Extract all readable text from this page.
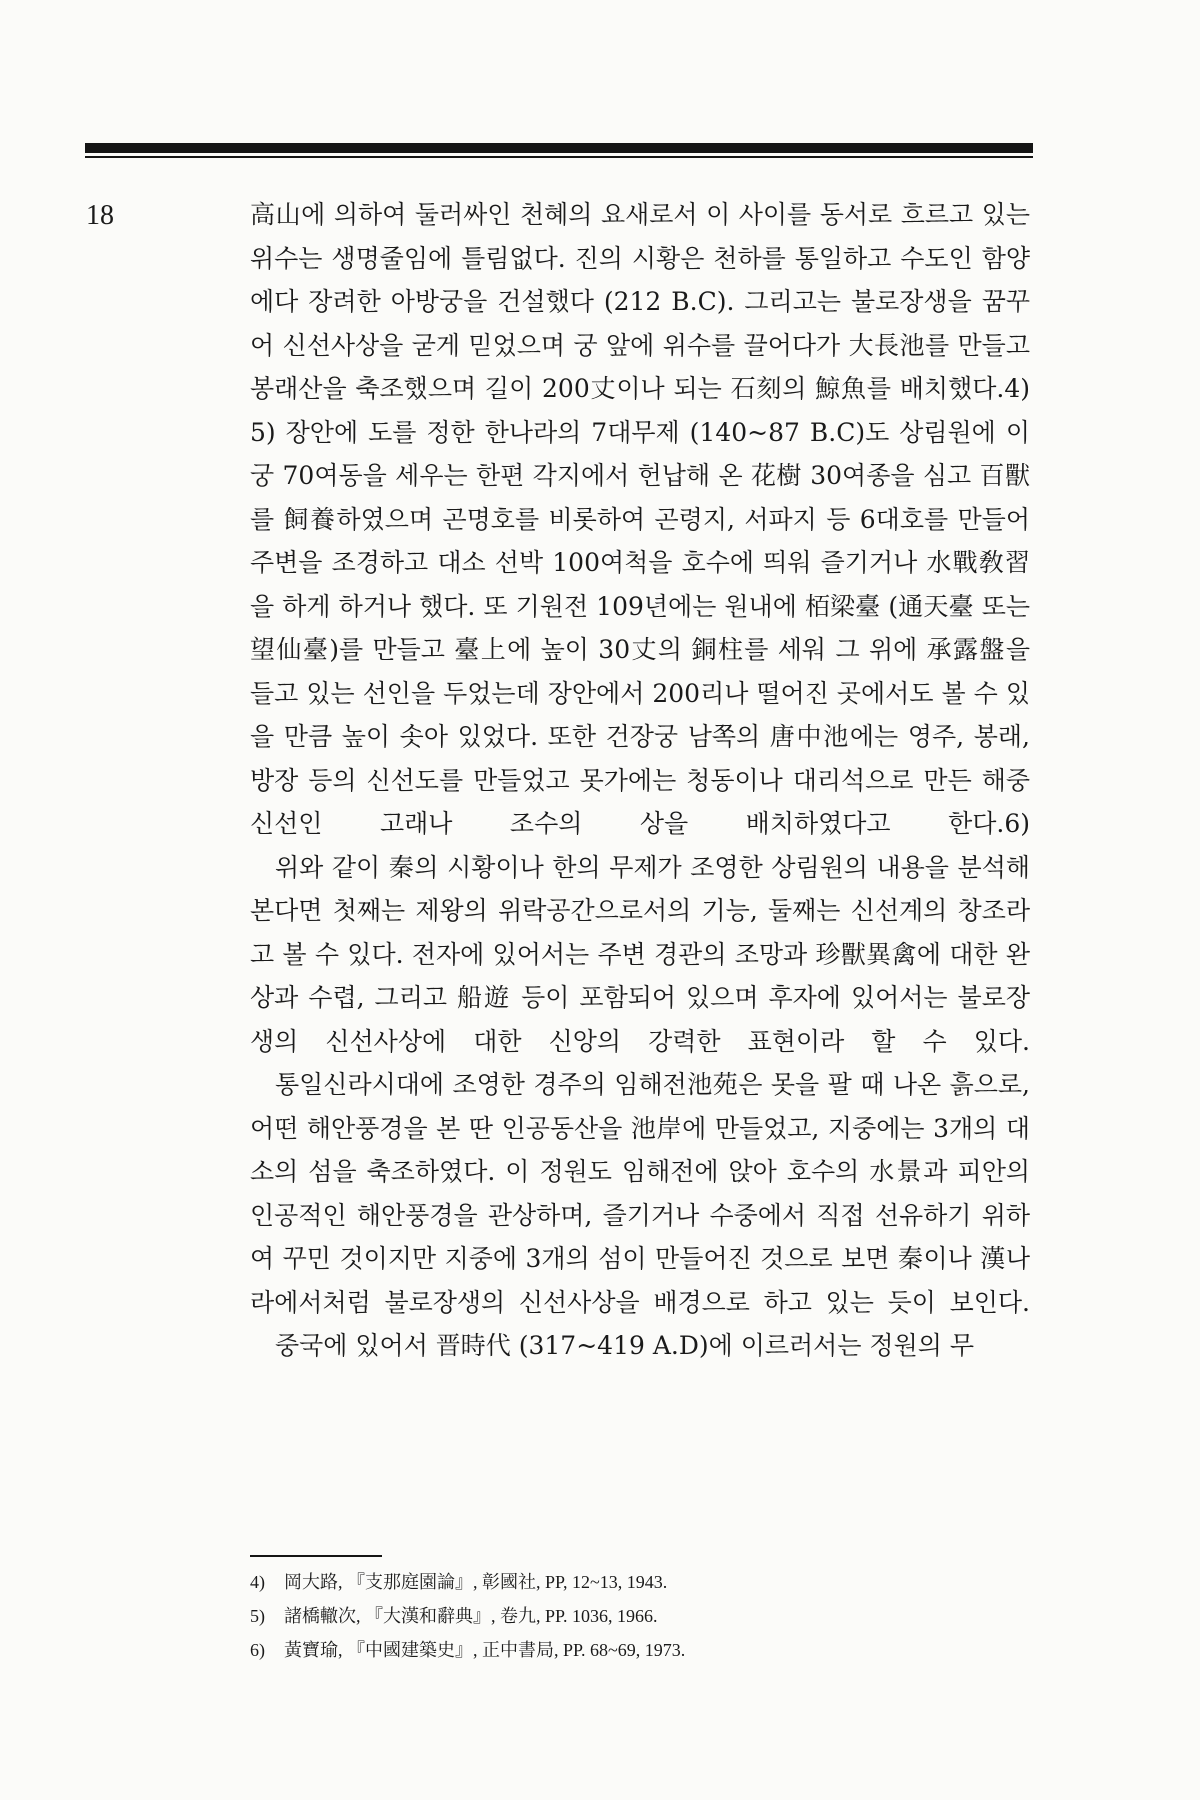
18	高山에 의하여 둘러싸인 천혜의 요새로서 이 사이를 동서로 흐르고 있는 위수는 생명줄임에 틀림없다. 진의 시황은 천하를 통일하고 수도인 함양에다 장려한 아방궁을 건설했다 (212 B.C). 그리고는 불로장생을 꿈꾸어 신선사상을 굳게 믿었으며 궁 앞에 위수를 끌어다가 大長池를 만들고 봉래산을 축조했으며 길이 200丈이나 되는 石刻의 鯨魚를 배치했다.4) 5) 장안에 도를 정한 한나라의 7대무제 (140~87 B.C)도 상림원에 이궁 70여동을 세우는 한편 각지에서 헌납해 온 花樹 30여종을 심고 百獸를 飼養하였으며 곤명호를 비롯하여 곤령지, 서파지 등 6대호를 만들어 주변을 조경하고 대소 선박 100여척을 호수에 띄워 즐기거나 水戰敎習을 하게 하거나 했다. 또 기원전 109년에는 원내에 栢梁臺 (通天臺 또는 望仙臺)를 만들고 臺上에 높이 30丈의 銅柱를 세워 그 위에 承露盤을 들고 있는 선인을 두었는데 장안에서 200리나 떨어진 곳에서도 볼 수 있을 만큼 높이 솟아 있었다. 또한 건장궁 남쪽의 唐中池에는 영주, 봉래, 방장 등의 신선도를 만들었고 못가에는 청동이나 대리석으로 만든 해중신선인 고래나 조수의 상을 배치하였다고 한다.6)

위와 같이 秦의 시황이나 한의 무제가 조영한 상림원의 내용을 분석해 본다면 첫째는 제왕의 위락공간으로서의 기능, 둘째는 신선계의 창조라고 볼 수 있다. 전자에 있어서는 주변 경관의 조망과 珍獸異禽에 대한 완상과 수렵, 그리고 船遊 등이 포함되어 있으며 후자에 있어서는 불로장생의 신선사상에 대한 신앙의 강력한 표현이라 할 수 있다.

통일신라시대에 조영한 경주의 임해전池苑은 못을 팔 때 나온 흙으로, 어떤 해안풍경을 본 딴 인공동산을 池岸에 만들었고, 지중에는 3개의 대소의 섬을 축조하였다. 이 정원도 임해전에 앉아 호수의 水景과 피안의 인공적인 해안풍경을 관상하며, 즐기거나 수중에서 직접 선유하기 위하여 꾸민 것이지만 지중에 3개의 섬이 만들어진 것으로 보면 秦이나 漢나라에서처럼 불로장생의 신선사상을 배경으로 하고 있는 듯이 보인다.

중국에 있어서 晋時代 (317~419 A.D)에 이르러서는 정원의 무

4) 岡大路, 『支那庭園論』, 彰國社, PP, 12~13, 1943.
5) 諸橋轍次, 『大漢和辭典』, 卷九, PP. 1036, 1966.
6) 黃寶瑜, 『中國建築史』, 正中書局, PP. 68~69, 1973.
